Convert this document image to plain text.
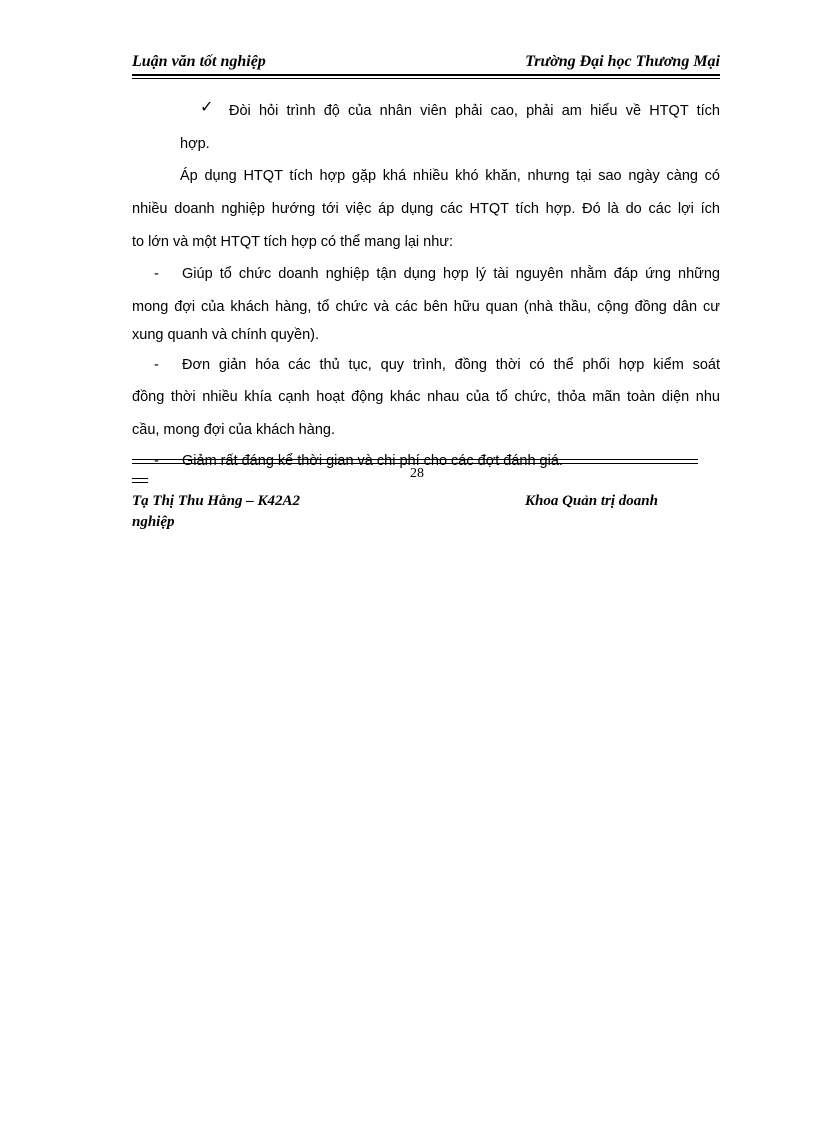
Luận văn tốt nghiệp	Trường Đại học Thương Mại
✓ Đòi hỏi trình độ của nhân viên phải cao, phải am hiểu về HTQT tích
hợp.
Áp dụng HTQT tích hợp gặp khá nhiều khó khăn, nhưng tại sao ngày càng có
nhiều doanh nghiệp hướng tới việc áp dụng các HTQT tích hợp. Đó là do các lợi ích
to lớn và một HTQT tích hợp có thể mang lại như:
- Giúp tổ chức doanh nghiệp tận dụng hợp lý tài nguyên nhằm đáp ứng những
mong đợi của khách hàng, tổ chức và các bên hữu quan (nhà thầu, cộng đồng dân cư
xung quanh và chính quyền).
- Đơn giản hóa các thủ tục, quy trình, đồng thời có thể phối hợp kiểm soát
đồng thời nhiều khía cạnh hoạt động khác nhau của tổ chức, thỏa mãn toàn diện nhu
cầu, mong đợi của khách hàng.
- Giảm rất đáng kể thời gian và chi phí cho các đợt đánh giá.
28
Tạ Thị Thu Hằng – K42A2	Khoa Quản trị doanh
nghiệp
